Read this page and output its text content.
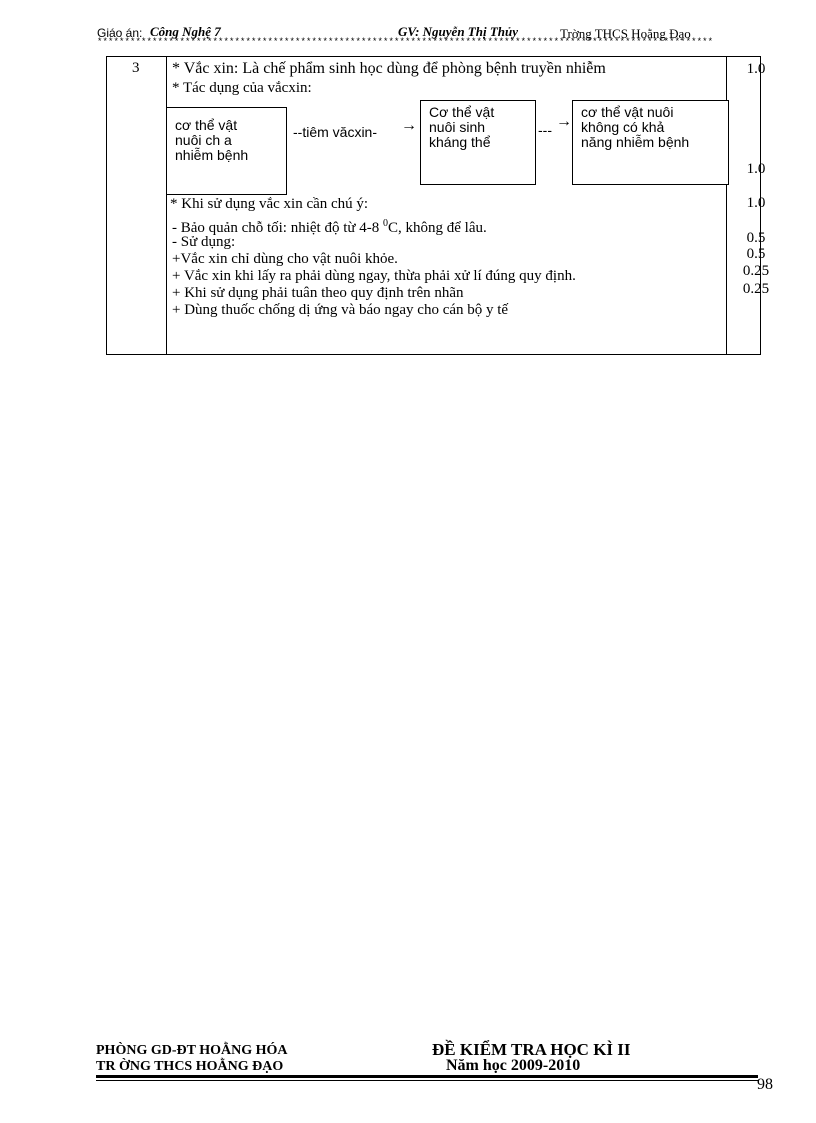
Giáo án: Công Nghệ 7	GV: Nguyễn Thị Thủy	Trờng THCS Hoằng Đạo
****************************************************************************************************************
3 * Vắc xin: Là chế phẩm sinh học dùng để phòng bệnh truyền nhiễm
* Tác dụng của vắcxin:
cơ thể vật
nuôi ch a
nhiễm bệnh
--tiêm văcxin- →
Cơ thể vật
nuôi sinh
kháng thể
--- →
cơ thể vật nuôi
không có khả
năng nhiễm bệnh
* Khi sử dụng vắc xin cần chú ý:
- Bảo quản chỗ tối: nhiệt độ từ 4-8 $^0$C, không để lâu.
- Sử dụng:
+Vắc xin chỉ dùng cho vật nuôi khỏe.
+ Vắc xin khi lấy ra phải dùng ngay, thừa phải xử lí đúng quy định.
+ Khi sử dụng phải tuân theo quy định trên nhãn
+ Dùng thuốc chống dị ứng và báo ngay cho cán bộ y tế
1.0
1.0
1.0
0.5
0.5
0.25
0.25
PHÒNG GD-ĐT HOẰNG HÓA
TR ỜNG THCS HOẰNG ĐẠO
ĐỀ KIỂM TRA HỌC KÌ II
Năm học 2009-2010
98
